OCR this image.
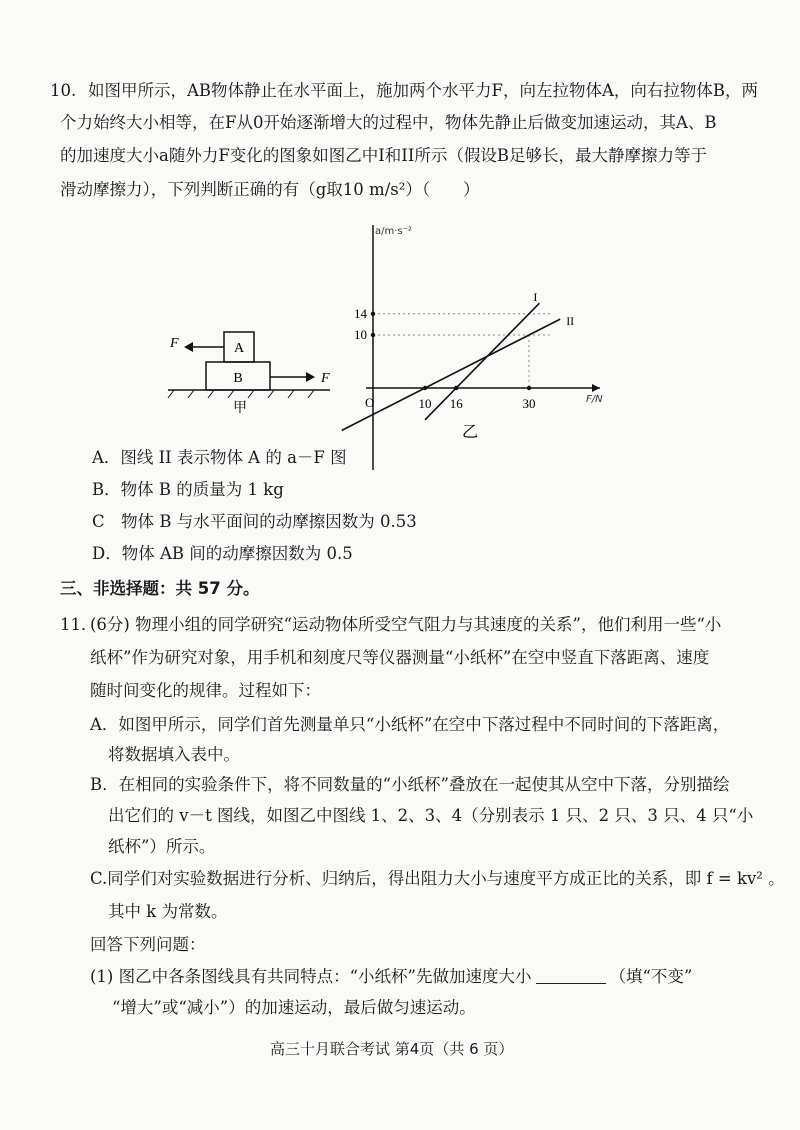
10. 如图甲所示，AB物体静止在水平面上，施加两个水平力F，向左拉物体A，向右拉物体B，两
个力始终大小相等，在F从0开始逐渐增大的过程中，物体先静止后做变加速运动，其A、B
的加速度大小a随外力F变化的图象如图乙中I和II所示（假设B足够长，最大静摩擦力等于
滑动摩擦力），下列判断正确的有（g取10 m/s²）（　　）
A
B
F
F
甲
a/m·s⁻²
F/N
O
乙
10
14
10 16	30
I
II
A．图线 II 表示物体 A 的 a－F 图
B．物体 B 的质量为 1 kg
C　物体 B 与水平面间的动摩擦因数为 0.53
D．物体 AB 间的动摩擦因数为 0.5
三、非选择题：共 57 分。
11．
(6分) 物理小组的同学研究“运动物体所受空气阻力与其速度的关系”，他们利用一些“小
纸杯”作为研究对象，用手机和刻度尺等仪器测量“小纸杯”在空中竖直下落距离、速度
随时间变化的规律。过程如下：
A．如图甲所示，同学们首先测量单只“小纸杯”在空中下落过程中不同时间的下落距离，
将数据填入表中。
B．在相同的实验条件下，将不同数量的“小纸杯”叠放在一起使其从空中下落，分别描绘
出它们的 v－t 图线，如图乙中图线 1、2、3、4（分别表示 1 只、2 只、3 只、4 只“小
纸杯”）所示。
C.同学们对实验数据进行分析、归纳后，得出阻力大小与速度平方成正比的关系，即 f = kv² 。
其中 k 为常数。
回答下列问题：
(1) 图乙中各条图线具有共同特点：“小纸杯”先做加速度大小	（填“不变”
“增大”或“减小”）的加速运动，最后做匀速运动。
高三十月联合考试 第4页（共 6 页）
